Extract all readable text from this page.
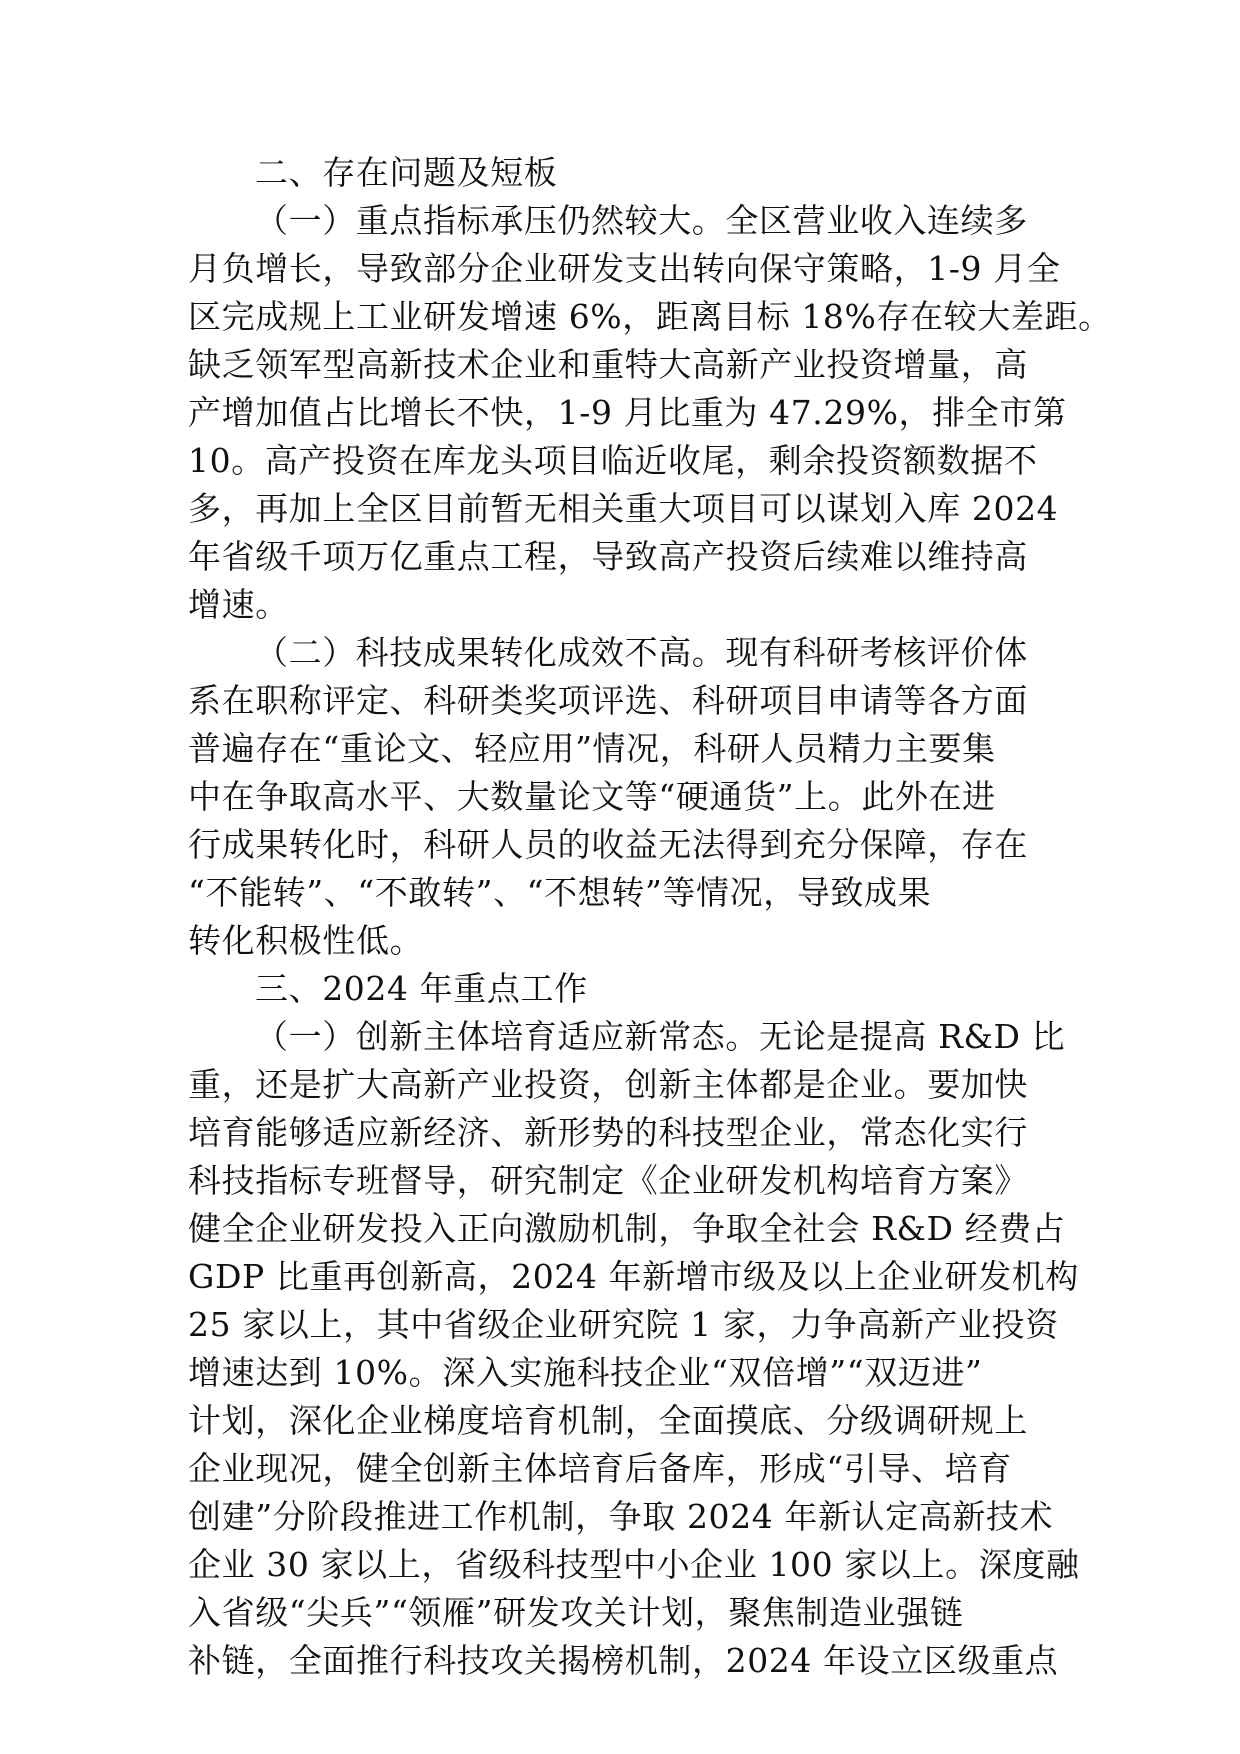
二、存在问题及短板
（一）重点指标承压仍然较大。全区营业收入连续多
月负增长，导致部分企业研发支出转向保守策略，1-9 月全
区完成规上工业研发增速 6%，距离目标 18%存在较大差距。
缺乏领军型高新技术企业和重特大高新产业投资增量，高
产增加值占比增长不快，1-9 月比重为 47.29%，排全市第
10。高产投资在库龙头项目临近收尾，剩余投资额数据不
多，再加上全区目前暂无相关重大项目可以谋划入库 2024
年省级千项万亿重点工程，导致高产投资后续难以维持高
增速。
（二）科技成果转化成效不高。现有科研考核评价体
系在职称评定、科研类奖项评选、科研项目申请等各方面
普遍存在“重论文、轻应用”情况，科研人员精力主要集
中在争取高水平、大数量论文等“硬通货”上。此外在进
行成果转化时，科研人员的收益无法得到充分保障，存在
“不能转”、“不敢转”、“不想转”等情况，导致成果
转化积极性低。
三、2024 年重点工作
（一）创新主体培育适应新常态。无论是提高 R&D 比
重，还是扩大高新产业投资，创新主体都是企业。要加快
培育能够适应新经济、新形势的科技型企业，常态化实行
科技指标专班督导，研究制定《企业研发机构培育方案》
健全企业研发投入正向激励机制，争取全社会 R&D 经费占
GDP 比重再创新高，2024 年新增市级及以上企业研发机构
25 家以上，其中省级企业研究院 1 家，力争高新产业投资
增速达到 10%。深入实施科技企业“双倍增”“双迈进”
计划，深化企业梯度培育机制，全面摸底、分级调研规上
企业现况，健全创新主体培育后备库，形成“引导、培育
创建”分阶段推进工作机制，争取 2024 年新认定高新技术
企业 30 家以上，省级科技型中小企业 100 家以上。深度融
入省级“尖兵”“领雁”研发攻关计划，聚焦制造业强链
补链，全面推行科技攻关揭榜机制，2024 年设立区级重点
